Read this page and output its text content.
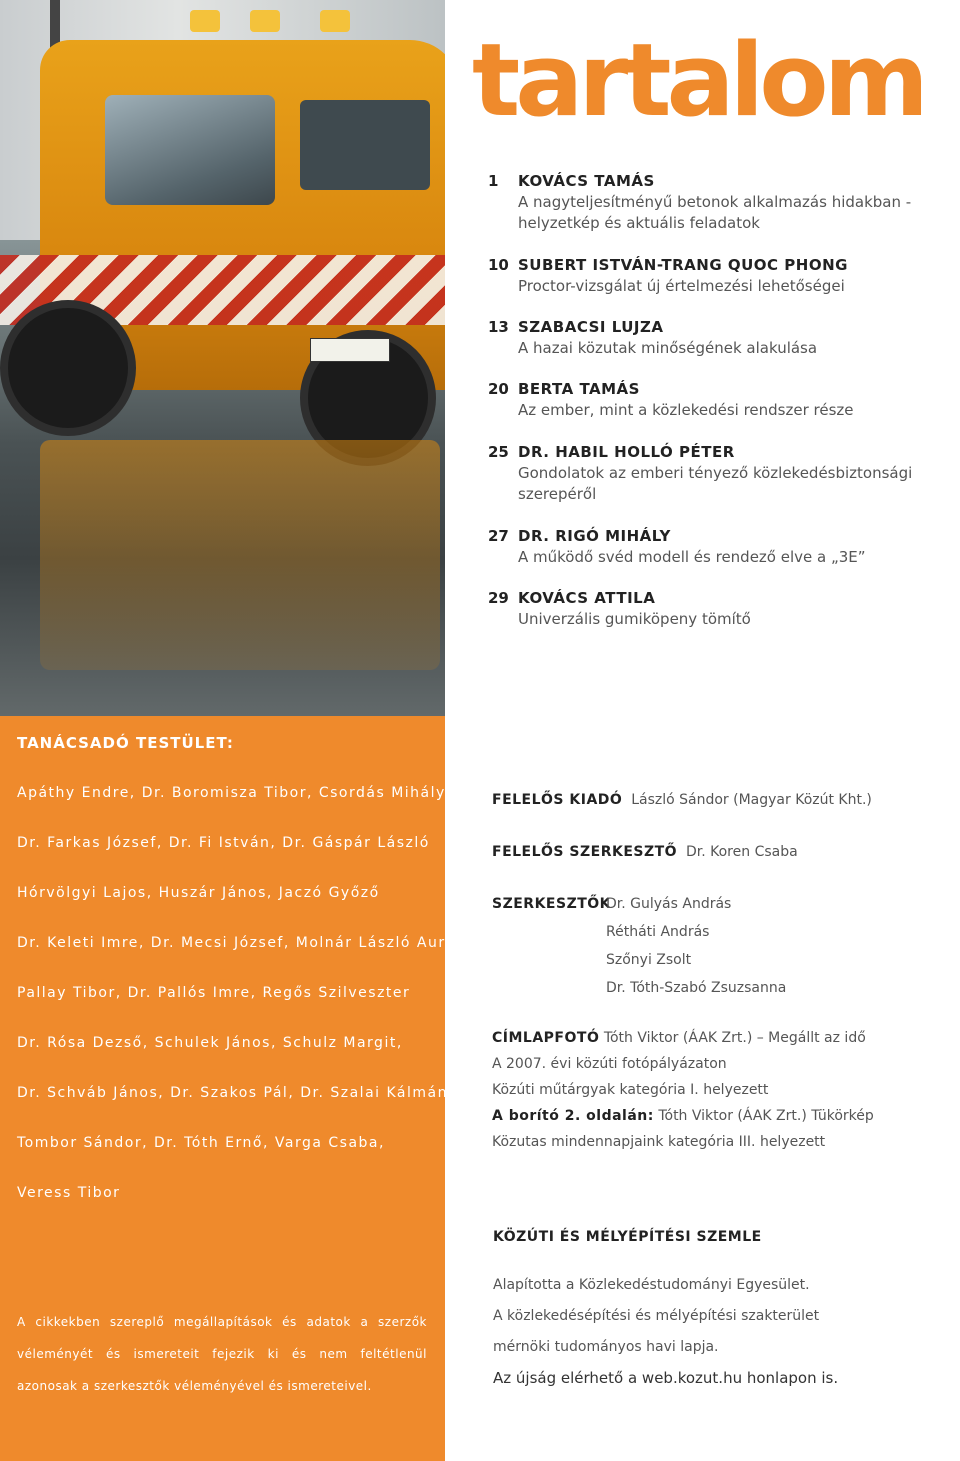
tartalom
1 KOVÁCS TAMÁS
A nagyteljesítményű betonok alkalmazás hidakban -
helyzetkép és aktuális feladatok
10 SUBERT ISTVÁN-TRANG QUOC PHONG
Proctor-vizsgálat új értelmezési lehetőségei
13 SZABACSI LUJZA
A hazai közutak minőségének alakulása
20 BERTA TAMÁS
Az ember, mint a közlekedési rendszer része
25 DR. HABIL HOLLÓ PÉTER
Gondolatok az emberi tényező közlekedésbiztonsági
szerepéről
27 DR. RIGÓ MIHÁLY
A működő svéd modell és rendező elve a „3E”
29 KOVÁCS ATTILA
Univerzális gumiköpeny tömítő
TANÁCSADÓ TESTÜLET:
Apáthy Endre, Dr. Boromisza Tibor, Csordás Mihály
Dr. Farkas József, Dr. Fi István, Dr. Gáspár László
Hórvölgyi Lajos, Huszár János, Jaczó Győző
Dr. Keleti Imre, Dr. Mecsi József, Molnár László Aurél
Pallay Tibor, Dr. Pallós Imre, Regős Szilveszter
Dr. Rósa Dezső, Schulek János, Schulz Margit,
Dr. Schváb János, Dr. Szakos Pál, Dr. Szalai Kálmán,
Tombor Sándor, Dr. Tóth Ernő, Varga Csaba,
Veress Tibor
A cikkekben szereplő megállapítások és adatok a szerzők véleményét és ismereteit fejezik ki és nem feltétlenül azonosak a szerkesztők véleményével és ismereteivel.
FELELŐS KIADÓ László Sándor (Magyar Közút Kht.)
FELELŐS SZERKESZTŐ Dr. Koren Csaba
SZERKESZTŐK
Dr. Gulyás András
Rétháti András
Szőnyi Zsolt
Dr. Tóth-Szabó Zsuzsanna
CÍMLAPFOTÓ Tóth Viktor (ÁAK Zrt.) – Megállt az idő
A 2007. évi közúti fotópályázaton
Közúti műtárgyak kategória I. helyezett
A borító 2. oldalán: Tóth Viktor (ÁAK Zrt.) Tükörkép
Közutas mindennapjaink kategória III. helyezett
KÖZÚTI ÉS MÉLYÉPÍTÉSI SZEMLE
Alapította a Közlekedéstudományi Egyesület.
A közlekedésépítési és mélyépítési szakterület
mérnöki tudományos havi lapja.
Az újság elérhető a web.kozut.hu honlapon is.
